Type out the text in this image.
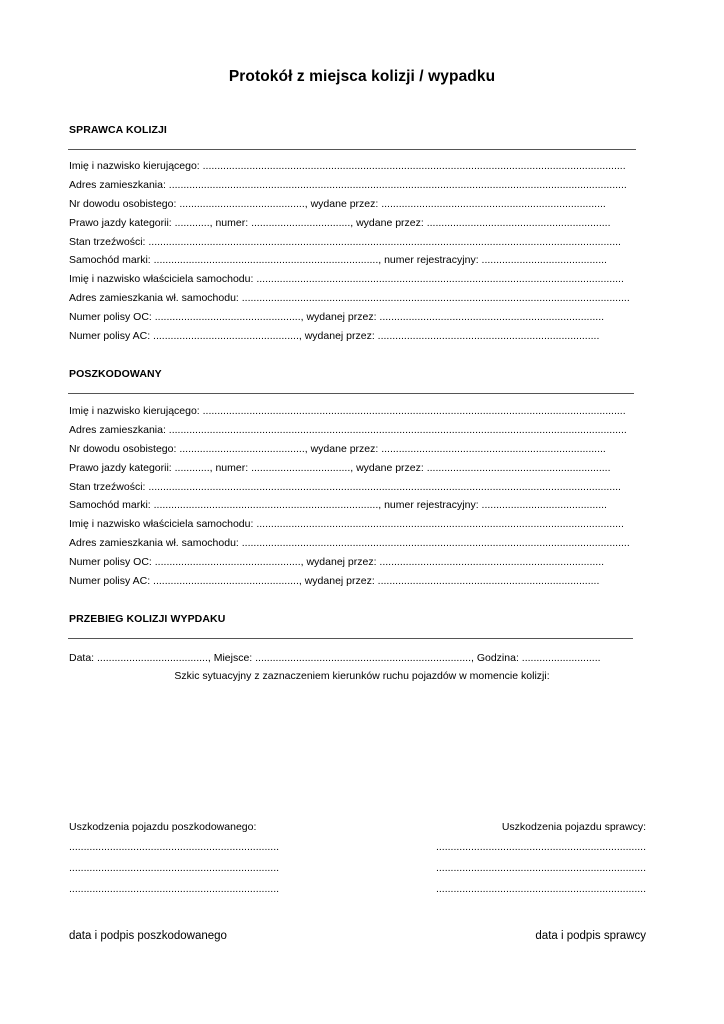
Protokół z miejsca kolizji / wypadku
SPRAWCA KOLIZJI
Imię i nazwisko kierującego: .................................................................................................................................................
Adres zamieszkania: .............................................................................................................................................................
Nr dowodu osobistego: ..........................................., wydane przez: .............................................................................
Prawo jazdy kategorii: ............, numer: .................................., wydane przez: ...............................................................
Stan trzeźwości: ..................................................................................................................................................................
Samochód marki: ............................................................................., numer rejestracyjny: ...........................................
Imię i nazwisko właściciela samochodu: ..............................................................................................................................
Adres zamieszkania wł. samochodu: .....................................................................................................................................
Numer polisy OC: .................................................., wydanej przez: .............................................................................
Numer polisy AC: .................................................., wydanej przez: ............................................................................
POSZKODOWANY
Imię i nazwisko kierującego: .................................................................................................................................................
Adres zamieszkania: .............................................................................................................................................................
Nr dowodu osobistego: ..........................................., wydane przez: .............................................................................
Prawo jazdy kategorii: ............, numer: .................................., wydane przez: ...............................................................
Stan trzeźwości: ..................................................................................................................................................................
Samochód marki: ............................................................................., numer rejestracyjny: ...........................................
Imię i nazwisko właściciela samochodu: ..............................................................................................................................
Adres zamieszkania wł. samochodu: .....................................................................................................................................
Numer polisy OC: .................................................., wydanej przez: .............................................................................
Numer polisy AC: .................................................., wydanej przez: ............................................................................
PRZEBIEG KOLIZJI WYPDAKU
Data: ......................................, Miejsce: .........................................................................., Godzina: ...........................
Szkic sytuacyjny z zaznaczeniem kierunków ruchu pojazdów w momencie kolizji:
Uszkodzenia pojazdu poszkodowanego:	Uszkodzenia pojazdu sprawcy:
........................................................................
........................................................................
........................................................................
........................................................................
........................................................................
........................................................................
data i podpis poszkodowanego	data i podpis sprawcy
